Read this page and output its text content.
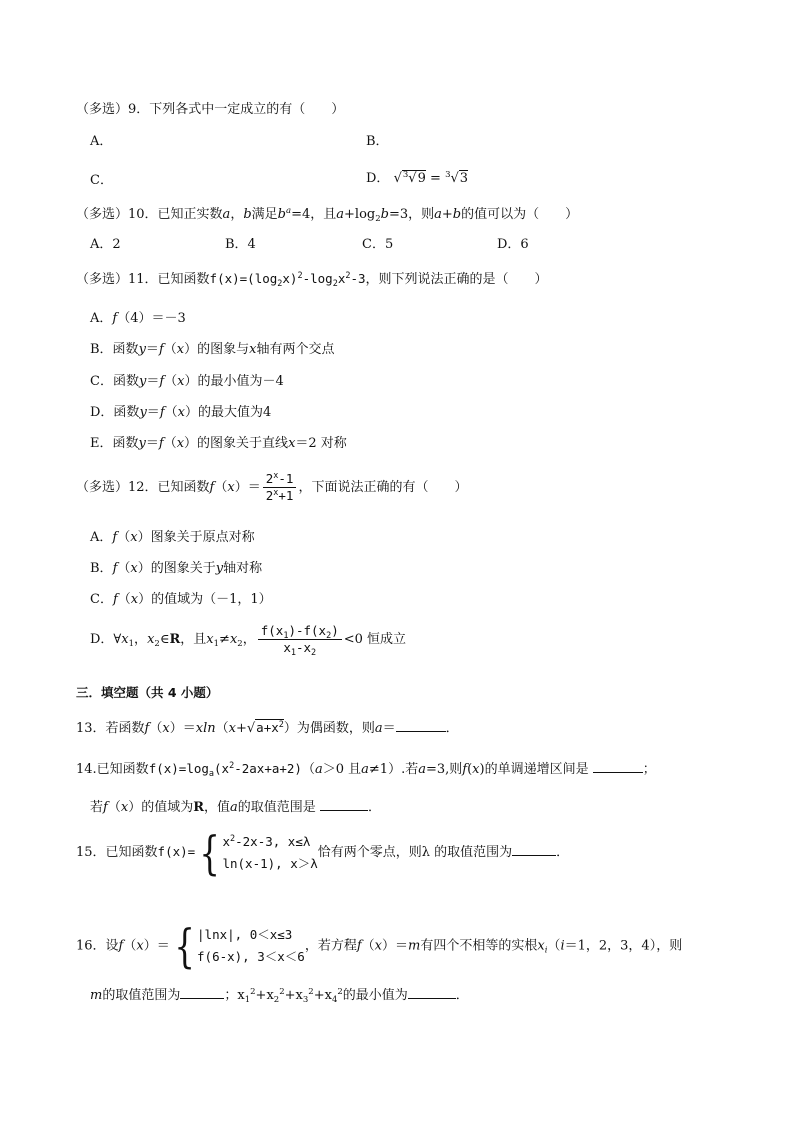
（多选）9．下列各式中一定成立的有（　　）
A．	B．
C．	D． √$^3$√9 = $^3$√3
（多选）10．已知正实数a，b满足$b^a=4$，且$a+\log_2b=3$，则a+b的值可以为（　　）
A．2	B．4	C．5	D．6
（多选）11．已知函数$f(x)=(\log_2x)^2-\log_2x^2-3$，则下列说法正确的是（　　）
A．f（4）＝－3
B．函数y＝f（x）的图象与x轴有两个交点
C．函数y＝f（x）的最小值为－4
D．函数y＝f（x）的最大值为4
E．函数y＝f（x）的图象关于直线x＝2 对称
（多选）12．已知函数$f(x)= \frac{2^x-1}{2^x+1}$ ，下面说法正确的有（　　）
A．f（x）图象关于原点对称
B．f（x）的图象关于y轴对称
C．f（x）的值域为（－1，1）
D．$\forall x_1$，$x_2\in R$，且$x_1\ne x_2$， $\frac{f(x_1)-f(x_2)}{x_1-x_2} <0$ 恒成立
三．填空题（共 4 小题）
13．若函数$f(x)=xln(x+√a+x^2)$为偶函数，则a＝	．
14.已知函数$f(x)=\log_a(x^2-2ax+a+2)(a>0$ 且a≠1）.若a=3,则f(x)的单调递增区间是	；
若f（x）的值域为R，值a的取值范围是	．
15．已知函数f(x)={ $x^2-2x-3$, x≤λ
ln(x-1), x＞λ
恰有两个零点，则λ 的取值范围为	．
16．设f（x）＝{ |lnx|, 0＜x≤3
f(6-x), 3＜x＜6
，若方程f（x）＝m有四个不相等的实根$x_i(i=1$，2，3，4），则
m的取值范围为	；$x_1^2+x_2^2+x_3^2+x_4^2$的最小值为	．
